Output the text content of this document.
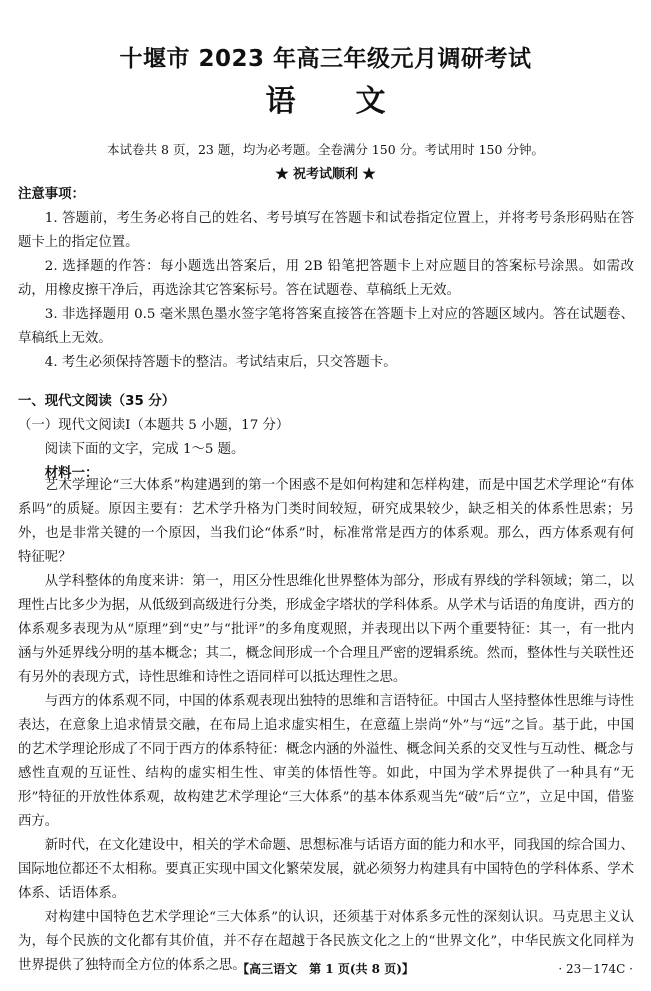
十堰市 2023 年高三年级元月调研考试
语文
本试卷共 8 页，23 题，均为必考题。全卷满分 150 分。考试用时 150 分钟。
★ 祝考试顺利 ★

注意事项：

1. 答题前，考生务必将自己的姓名、考号填写在答题卡和试卷指定位置上，并将考号条形码贴在答题卡上的指定位置。

2. 选择题的作答：每小题选出答案后，用 2B 铅笔把答题卡上对应题目的答案标号涂黑。如需改动，用橡皮擦干净后，再选涂其它答案标号。答在试题卷、草稿纸上无效。

3. 非选择题用 0.5 毫米黑色墨水签字笔将答案直接答在答题卡上对应的答题区域内。答在试题卷、草稿纸上无效。

4. 考生必须保持答题卡的整洁。考试结束后，只交答题卡。

一、现代文阅读（35 分）

（一）现代文阅读Ⅰ（本题共 5 小题，17 分）

阅读下面的文字，完成 1～5 题。

材料一：

艺术学理论“三大体系”构建遇到的第一个困惑不是如何构建和怎样构建，而是中国艺术学理论“有体系吗”的质疑。原因主要有：艺术学升格为门类时间较短，研究成果较少，缺乏相关的体系性思索；另外，也是非常关键的一个原因，当我们论“体系”时，标准常常是西方的体系观。那么，西方体系观有何特征呢？

从学科整体的角度来讲：第一，用区分性思维化世界整体为部分，形成有界线的学科领域；第二，以理性占比多少为据，从低级到高级进行分类，形成金字塔状的学科体系。从学术与话语的角度讲，西方的体系观多表现为从“原理”到“史”与“批评”的多角度观照，并表现出以下两个重要特征：其一，有一批内涵与外延界线分明的基本概念；其二，概念间形成一个合理且严密的逻辑系统。然而，整体性与关联性还有另外的表现方式，诗性思维和诗性之语同样可以抵达理性之思。

与西方的体系观不同，中国的体系观表现出独特的思维和言语特征。中国古人坚持整体性思维与诗性表达，在意象上追求情景交融，在布局上追求虚实相生，在意蕴上崇尚“外”与“远”之旨。基于此，中国的艺术学理论形成了不同于西方的体系特征：概念内涵的外溢性、概念间关系的交叉性与互动性、概念与感性直观的互证性、结构的虚实相生性、审美的体悟性等。如此，中国为学术界提供了一种具有“无形”特征的开放性体系观，故构建艺术学理论“三大体系”的基本体系观当先“破”后“立”，立足中国，借鉴西方。

新时代，在文化建设中，相关的学术命题、思想标准与话语方面的能力和水平，同我国的综合国力、国际地位都还不太相称。要真正实现中国文化繁荣发展，就必须努力构建具有中国特色的学科体系、学术体系、话语体系。

对构建中国特色艺术学理论“三大体系”的认识，还须基于对体系多元性的深刻认识。马克思主义认为，每个民族的文化都有其价值，并不存在超越于各民族文化之上的“世界文化”，中华民族文化同样为世界提供了独特而全方位的体系之思。

【高三语文　第 1 页(共 8 页)】	· 23－174C ·
